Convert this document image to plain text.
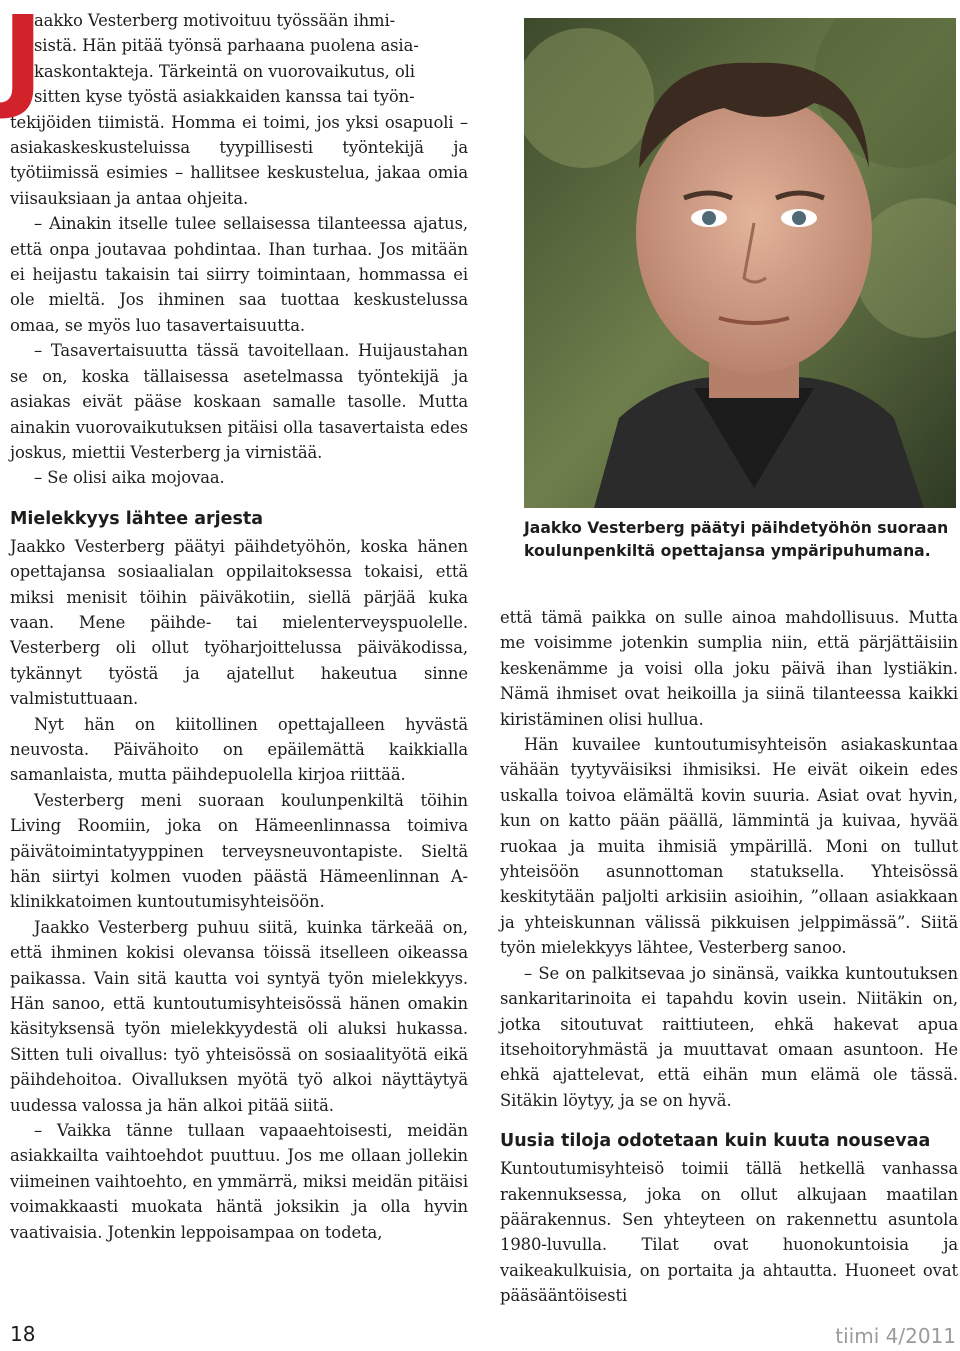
J

aakko Vesterberg motivoituu työssään ihmi-
sistä. Hän pitää työnsä parhaana puolena asia-
kaskontakteja. Tärkeintä on vuorovaikutus, oli
sitten kyse työstä asiakkaiden kanssa tai työn-
tekijöiden tiimistä. Homma ei toimi, jos yksi osapuoli – asiakaskeskusteluissa tyypillisesti työntekijä ja työtiimissä esimies – hallitsee keskustelua, jakaa omia viisauksiaan ja antaa ohjeita.

– Ainakin itselle tulee sellaisessa tilanteessa ajatus, että onpa joutavaa pohdintaa. Ihan turhaa. Jos mitään ei heijastu takaisin tai siirry toimintaan, hommassa ei ole mieltä. Jos ihminen saa tuottaa keskustelussa omaa, se myös luo tasavertaisuutta.

– Tasavertaisuutta tässä tavoitellaan. Huijaustahan se on, koska tällaisessa asetelmassa työntekijä ja asiakas eivät pääse koskaan samalle tasolle. Mutta ainakin vuorovaikutuksen pitäisi olla tasavertaista edes joskus, miettii Vesterberg ja virnistää.

– Se olisi aika mojovaa.

Mielekkyys lähtee arjesta

Jaakko Vesterberg päätyi päihdetyöhön, koska hänen opettajansa sosiaalialan oppilaitoksessa tokaisi, että miksi menisit töihin päiväkotiin, siellä pärjää kuka vaan. Mene päihde- tai mielenterveyspuolelle. Vesterberg oli ollut työharjoittelussa päiväkodissa, tykännyt työstä ja ajatellut hakeutua sinne valmistuttuaan.

Nyt hän on kiitollinen opettajalleen hyvästä neuvosta. Päivähoito on epäilemättä kaikkialla samanlaista, mutta päihdepuolella kirjoa riittää.

Vesterberg meni suoraan koulunpenkiltä töihin Living Roomiin, joka on Hämeenlinnassa toimiva päivätoimintatyyppinen terveysneuvontapiste. Sieltä hän siirtyi kolmen vuoden päästä Hämeenlinnan A-klinikkatoimen kuntoutumisyhteisöön.

Jaakko Vesterberg puhuu siitä, kuinka tärkeää on, että ihminen kokisi olevansa töissä itselleen oikeassa paikassa. Vain sitä kautta voi syntyä työn mielekkyys. Hän sanoo, että kuntoutumisyhteisössä hänen omakin käsityksensä työn mielekkyydestä oli aluksi hukassa. Sitten tuli oivallus: työ yhteisössä on sosiaalityötä eikä päihdehoitoa. Oivalluksen myötä työ alkoi näyttäytyä uudessa valossa ja hän alkoi pitää siitä.

– Vaikka tänne tullaan vapaaehtoisesti, meidän asiakkailta vaihtoehdot puuttuu. Jos me ollaan jollekin viimeinen vaihtoehto, en ymmärrä, miksi meidän pitäisi voimakkaasti muokata häntä joksikin ja olla hyvin vaativaisia. Jotenkin leppoisampaa on todeta,

Jaakko Vesterberg päätyi päihdetyöhön suoraan koulunpenkiltä opettajansa ympäripuhumana.

että tämä paikka on sulle ainoa mahdollisuus. Mutta me voisimme jotenkin sumplia niin, että pärjättäisiin keskenämme ja voisi olla joku päivä ihan lystiäkin. Nämä ihmiset ovat heikoilla ja siinä tilanteessa kaikki kiristäminen olisi hullua.

Hän kuvailee kuntoutumisyhteisön asiakaskuntaa vähään tyytyväisiksi ihmisiksi. He eivät oikein edes uskalla toivoa elämältä kovin suuria. Asiat ovat hyvin, kun on katto pään päällä, lämmintä ja kuivaa, hyvää ruokaa ja muita ihmisiä ympärillä. Moni on tullut yhteisöön asunnottoman statuksella. Yhteisössä keskitytään paljolti arkisiin asioihin, ”ollaan asiakkaan ja yhteiskunnan välissä pikkuisen jelppimässä”. Siitä työn mielekkyys lähtee, Vesterberg sanoo.

– Se on palkitsevaa jo sinänsä, vaikka kuntoutuksen sankaritarinoita ei tapahdu kovin usein. Niitäkin on, jotka sitoutuvat raittiuteen, ehkä hakevat apua itsehoitoryhmästä ja muuttavat omaan asuntoon. He ehkä ajattelevat, että eihän mun elämä ole tässä. Sitäkin löytyy, ja se on hyvä.

Uusia tiloja odotetaan kuin kuuta nousevaa

Kuntoutumisyhteisö toimii tällä hetkellä vanhassa rakennuksessa, joka on ollut alkujaan maatilan päärakennus. Sen yhteyteen on rakennettu asuntola 1980-luvulla. Tilat ovat huonokuntoisia ja vaikeakulkuisia, on portaita ja ahtautta. Huoneet ovat pääsääntöisesti

18	tiimi 4/2011
